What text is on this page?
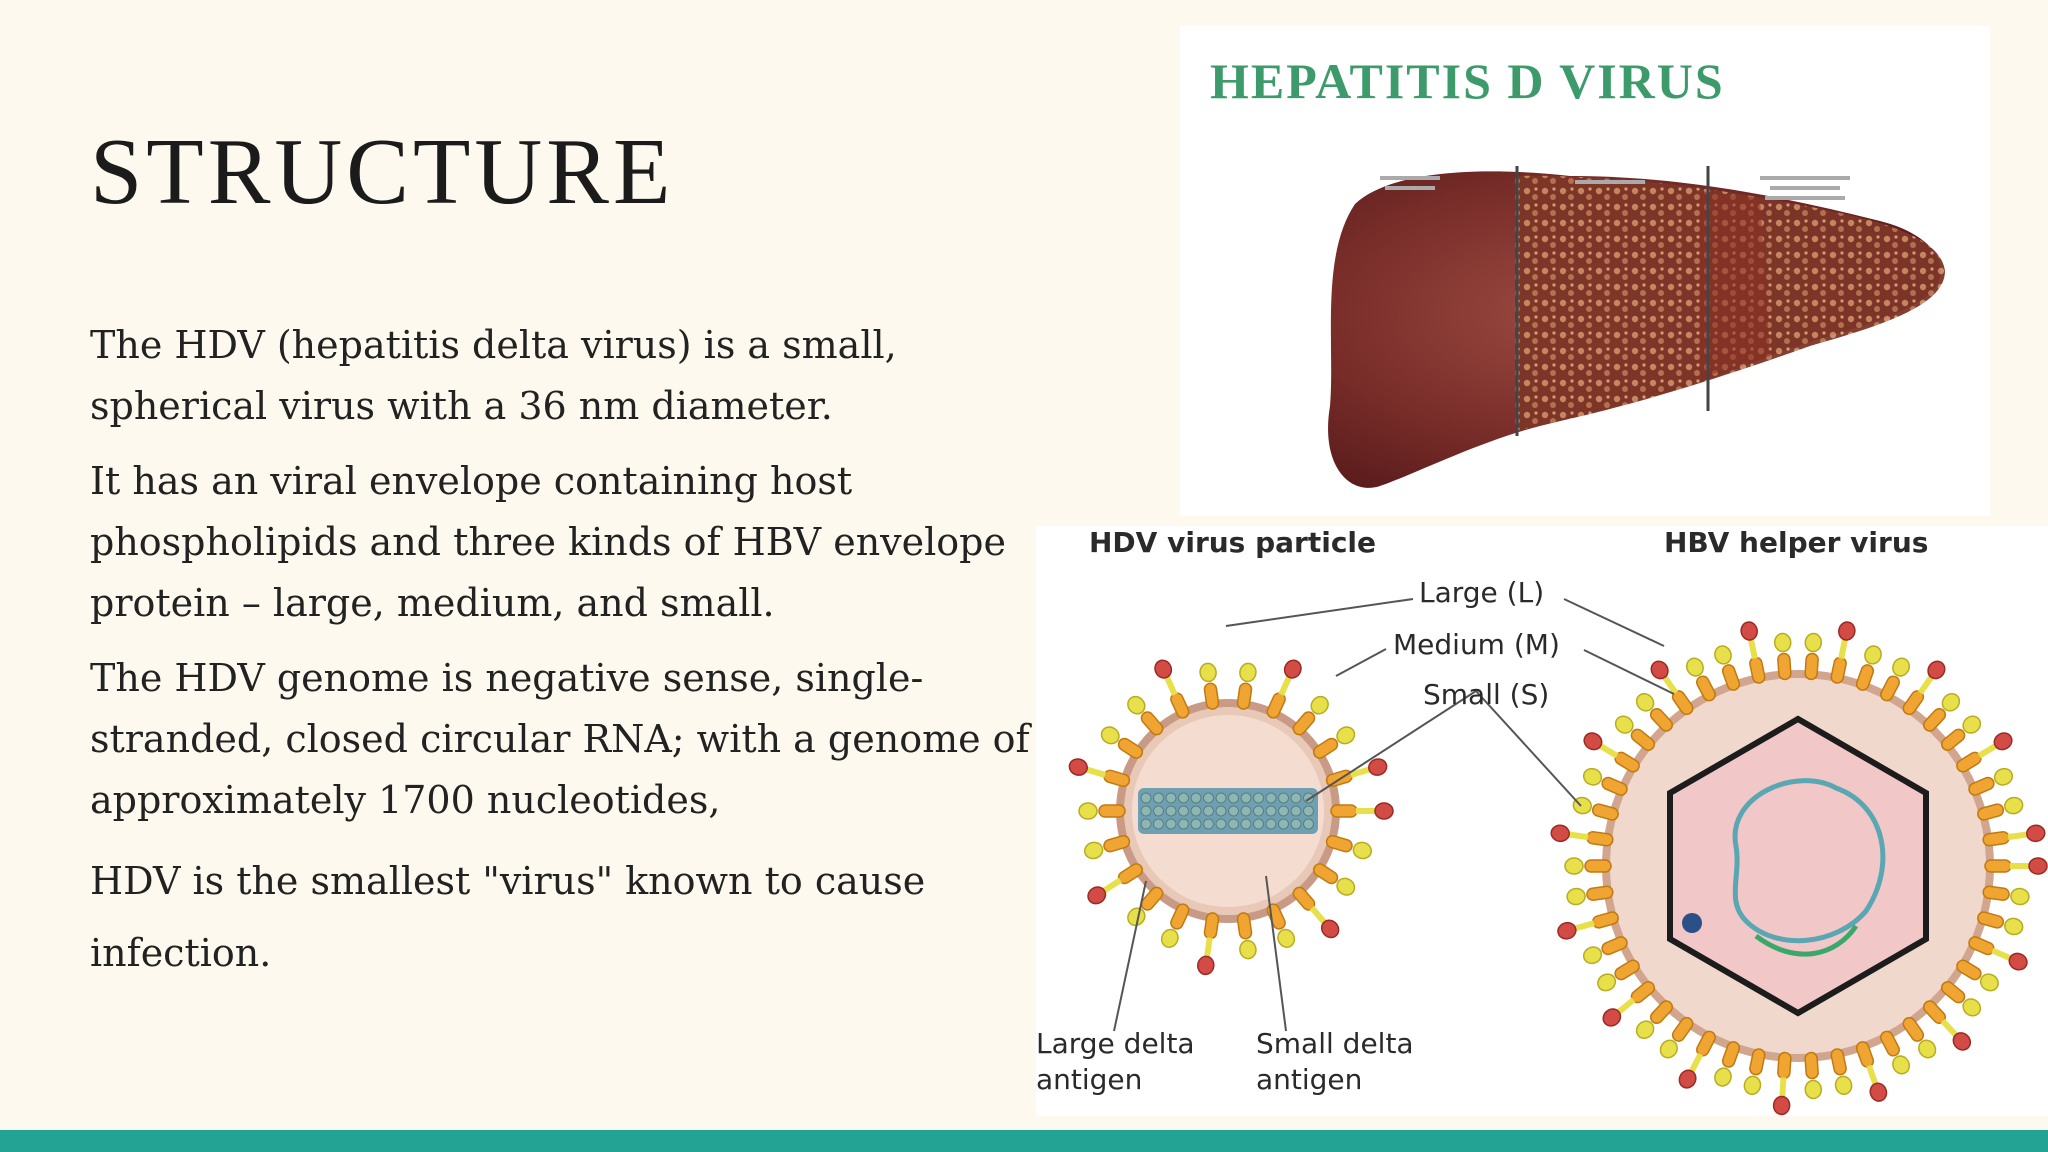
STRUCTURE

The HDV (hepatitis delta virus) is a small, spherical virus with a 36 nm diameter.

It has an viral envelope containing host phospholipids and three kinds of HBV envelope protein – large, medium, and small.

The HDV genome is negative sense, single-stranded, closed circular RNA; with a genome of approximately 1700 nucleotides,

HDV is the smallest "virus" known to cause infection.

HEPATITIS D VIRUS
HDV virus particle	HBV helper virus
Large (L)
Medium (M)
Small (S)
Large delta antigen
Small delta antigen
